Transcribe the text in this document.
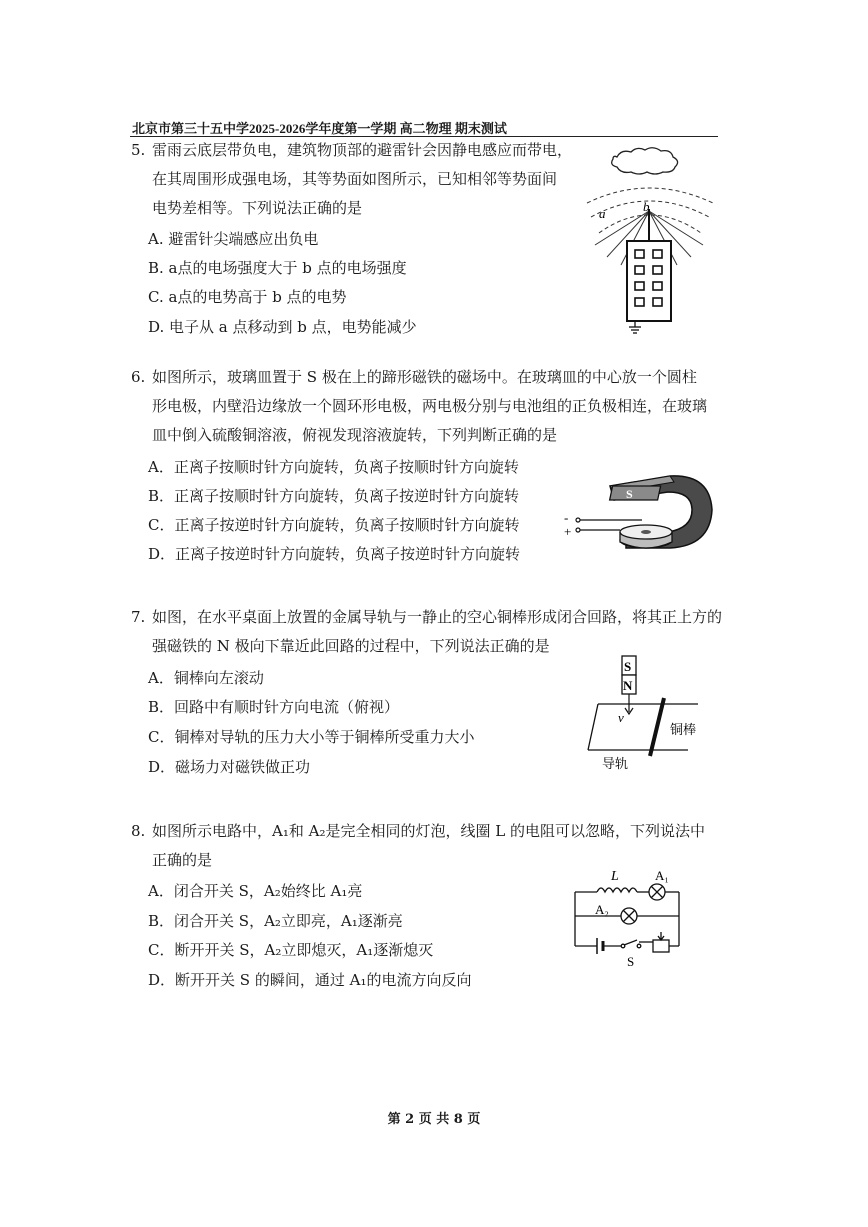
北京市第三十五中学2025-2026学年度第一学期 高二物理 期末测试
5. 雷雨云底层带负电，建筑物顶部的避雷针会因静电感应而带电，
在其周围形成强电场，其等势面如图所示，已知相邻等势面间
电势差相等。下列说法正确的是
A. 避雷针尖端感应出负电
B. a点的电场强度大于 b 点的电场强度
C. a点的电势高于 b 点的电势
D. 电子从 a 点移动到 b 点，电势能减少
a	b
6. 如图所示，玻璃皿置于 S 极在上的蹄形磁铁的磁场中。在玻璃皿的中心放一个圆柱
形电极，内壁沿边缘放一个圆环形电极，两电极分别与电池组的正负极相连，在玻璃
皿中倒入硫酸铜溶液，俯视发现溶液旋转，下列判断正确的是
A．正离子按顺时针方向旋转，负离子按顺时针方向旋转
B．正离子按顺时针方向旋转，负离子按逆时针方向旋转
C．正离子按逆时针方向旋转，负离子按顺时针方向旋转
D．正离子按逆时针方向旋转，负离子按逆时针方向旋转
S
-
+
7. 如图，在水平桌面上放置的金属导轨与一静止的空心铜棒形成闭合回路，将其正上方的
强磁铁的 N 极向下靠近此回路的过程中，下列说法正确的是
A．铜棒向左滚动
B．回路中有顺时针方向电流（俯视）
C．铜棒对导轨的压力大小等于铜棒所受重力大小
D．磁场力对磁铁做正功
S
N
v
铜棒
导轨
8. 如图所示电路中，A₁和 A₂是完全相同的灯泡，线圈 L 的电阻可以忽略，下列说法中
正确的是
A．闭合开关 S，A₂始终比 A₁亮
B．闭合开关 S，A₂立即亮，A₁逐渐亮
C．断开开关 S，A₂立即熄灭，A₁逐渐熄灭
D．断开开关 S 的瞬间，通过 A₁的电流方向反向
L	A₁
A₂
S
第 2 页 共 8 页
